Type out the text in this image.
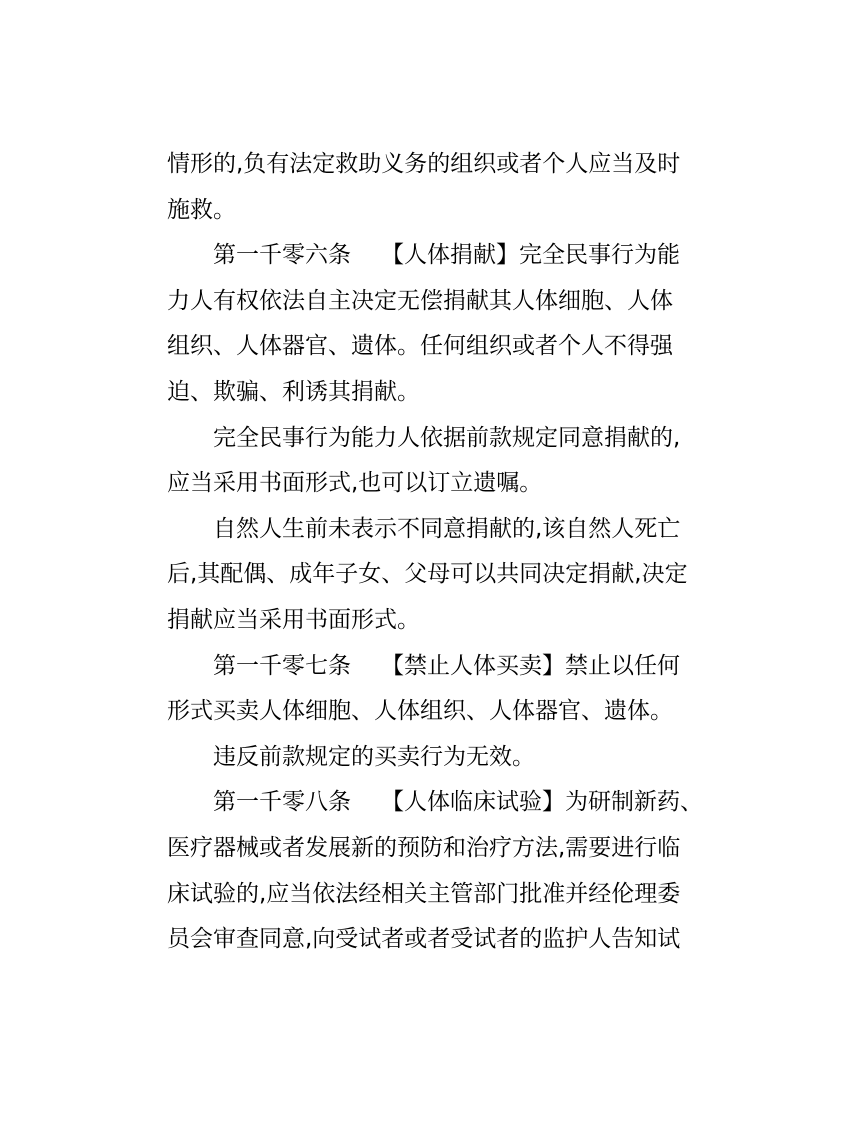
情形的,负有法定救助义务的组织或者个人应当及时
施救。
第一千零六条 【人体捐献】完全民事行为能
力人有权依法自主决定无偿捐献其人体细胞、人体
组织、人体器官、遗体。任何组织或者个人不得强
迫、欺骗、利诱其捐献。
完全民事行为能力人依据前款规定同意捐献的,
应当采用书面形式,也可以订立遗嘱。
自然人生前未表示不同意捐献的,该自然人死亡
后,其配偶、成年子女、父母可以共同决定捐献,决定
捐献应当采用书面形式。
第一千零七条 【禁止人体买卖】禁止以任何
形式买卖人体细胞、人体组织、人体器官、遗体。
违反前款规定的买卖行为无效。
第一千零八条 【人体临床试验】为研制新药、
医疗器械或者发展新的预防和治疗方法,需要进行临
床试验的,应当依法经相关主管部门批准并经伦理委
员会审查同意,向受试者或者受试者的监护人告知试
